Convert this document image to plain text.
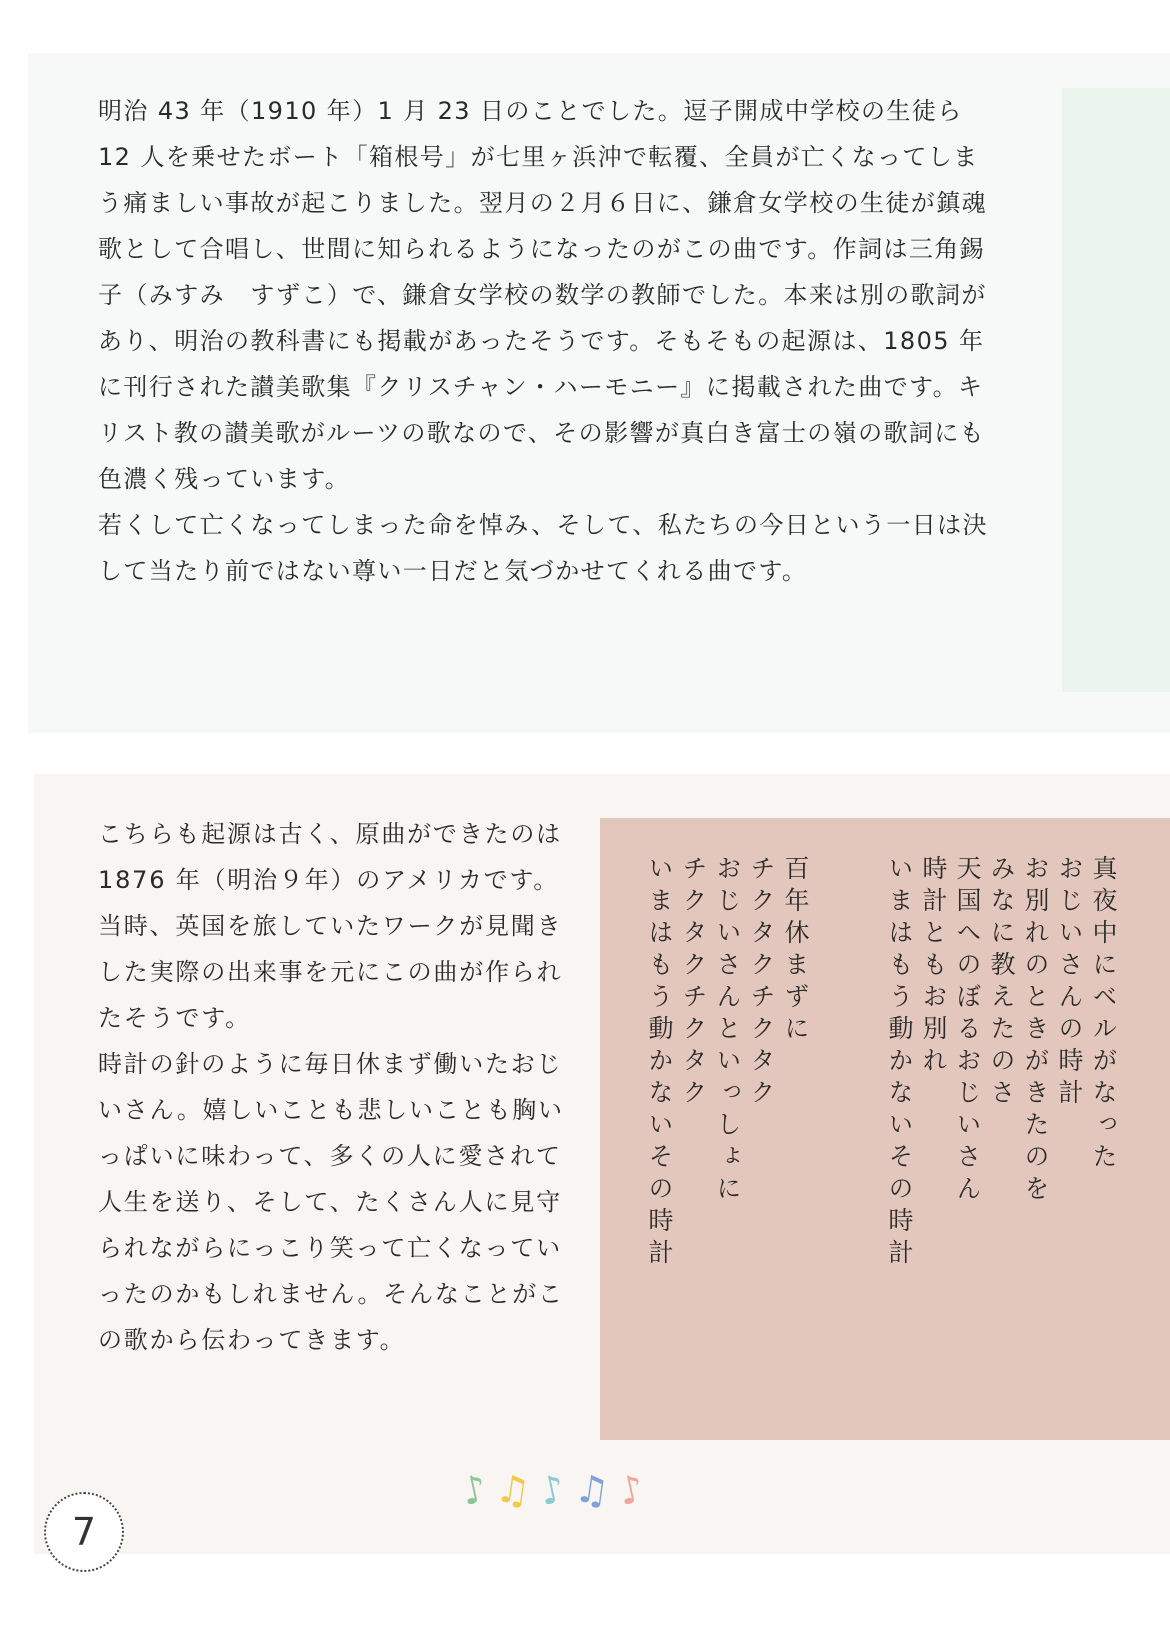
明治 43 年（1910 年）1 月 23 日のことでした。逗子開成中学校の生徒ら 12 人を乗せたボート「箱根号」が七里ヶ浜沖で転覆、全員が亡くなってしまう痛ましい事故が起こりました。翌月の２月６日に、鎌倉女学校の生徒が鎮魂歌として合唱し、世間に知られるようになったのがこの曲です。作詞は三角錫子（みすみ　すずこ）で、鎌倉女学校の数学の教師でした。本来は別の歌詞があり、明治の教科書にも掲載があったそうです。そもそもの起源は、1805 年に刊行された讃美歌集『クリスチャン・ハーモニー』に掲載された曲です。キリスト教の讃美歌がルーツの歌なので、その影響が真白き富士の嶺の歌詞にも色濃く残っています。

若くして亡くなってしまった命を悼み、そして、私たちの今日という一日は決して当たり前ではない尊い一日だと気づかせてくれる曲です。

こちらも起源は古く、原曲ができたのは 1876 年（明治９年）のアメリカです。当時、英国を旅していたワークが見聞きした実際の出来事を元にこの曲が作られたそうです。

時計の針のように毎日休まず働いたおじいさん。嬉しいことも悲しいことも胸いっぱいに味わって、多くの人に愛されて人生を送り、そして、たくさん人に見守られながらにっこり笑って亡くなっていったのかもしれません。そんなことがこの歌から伝わってきます。

真夜中にベルがなった
おじいさんの時計
お別れのときがきたのを
みなに教えたのさ
天国へのぼるおじいさん
時計ともお別れ
いまはもう動かないその時計
百年休まずに
チクタクチクタク
おじいさんといっしょに
チクタクチクタク
いまはもう動かないその時計
♪ ♫ ♪ ♫ ♪
7
